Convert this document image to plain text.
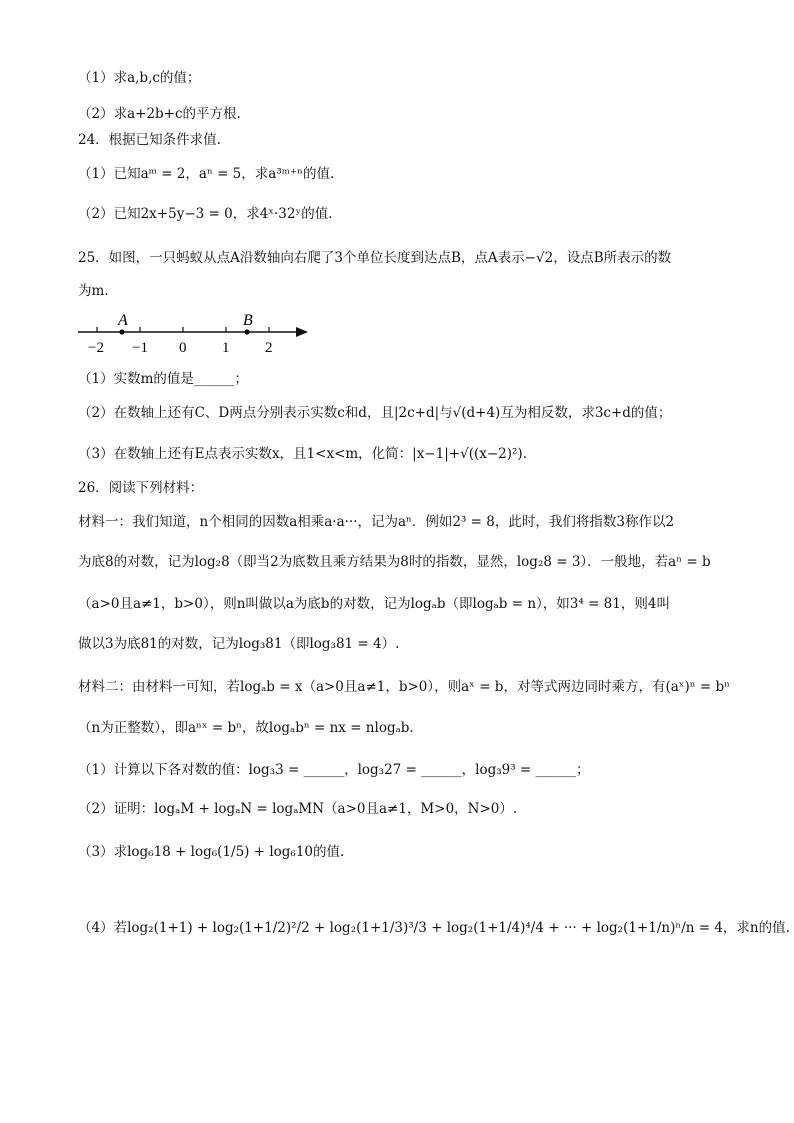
（1）求a,b,c的值；
（2）求a+2b+c的平方根.
24．根据已知条件求值.
（1）已知aᵐ = 2，aⁿ = 5，求a³ᵐ⁺ⁿ的值.
（2）已知2x+5y−3 = 0，求4ˣ·32ʸ的值.
25．如图，一只蚂蚁从点A沿数轴向右爬了3个单位长度到达点B，点A表示−√2，设点B所表示的数
为m.
A	B
−2 −1 0 1 2
（1）实数m的值是______；
（2）在数轴上还有C、D两点分别表示实数c和d，且|2c+d|与√(d+4)互为相反数，求3c+d的值；
（3）在数轴上还有E点表示实数x，且1<x<m，化简：|x−1|+√((x−2)²).
26．阅读下列材料：
材料一：我们知道，n个相同的因数a相乘a·a···，记为aⁿ．例如2³ = 8，此时，我们将指数3称作以2
为底8的对数，记为log₂8（即当2为底数且乘方结果为8时的指数，显然，log₂8 = 3）．一般地，若aⁿ = b
（a>0且a≠1，b>0），则n叫做以a为底b的对数，记为logₐb（即logₐb = n），如3⁴ = 81，则4叫
做以3为底81的对数，记为log₃81（即log₃81 = 4）.
材料二：由材料一可知，若logₐb = x（a>0且a≠1，b>0），则aˣ = b，对等式两边同时乘方，有(aˣ)ⁿ = bⁿ
（n为正整数），即aⁿˣ = bⁿ，故logₐbⁿ = nx = nlogₐb.
（1）计算以下各对数的值：log₃3 = ______，log₃27 = ______，log₃9³ = ______；
（2）证明：logₐM + logₐN = logₐMN（a>0且a≠1，M>0，N>0）.
（3）求log₆18 + log₆(1/5) + log₆10的值.
（4）若log₂(1+1) + log₂(1+1/2)²/2 + log₂(1+1/3)³/3 + log₂(1+1/4)⁴/4 + ··· + log₂(1+1/n)ⁿ/n = 4，求n的值.
